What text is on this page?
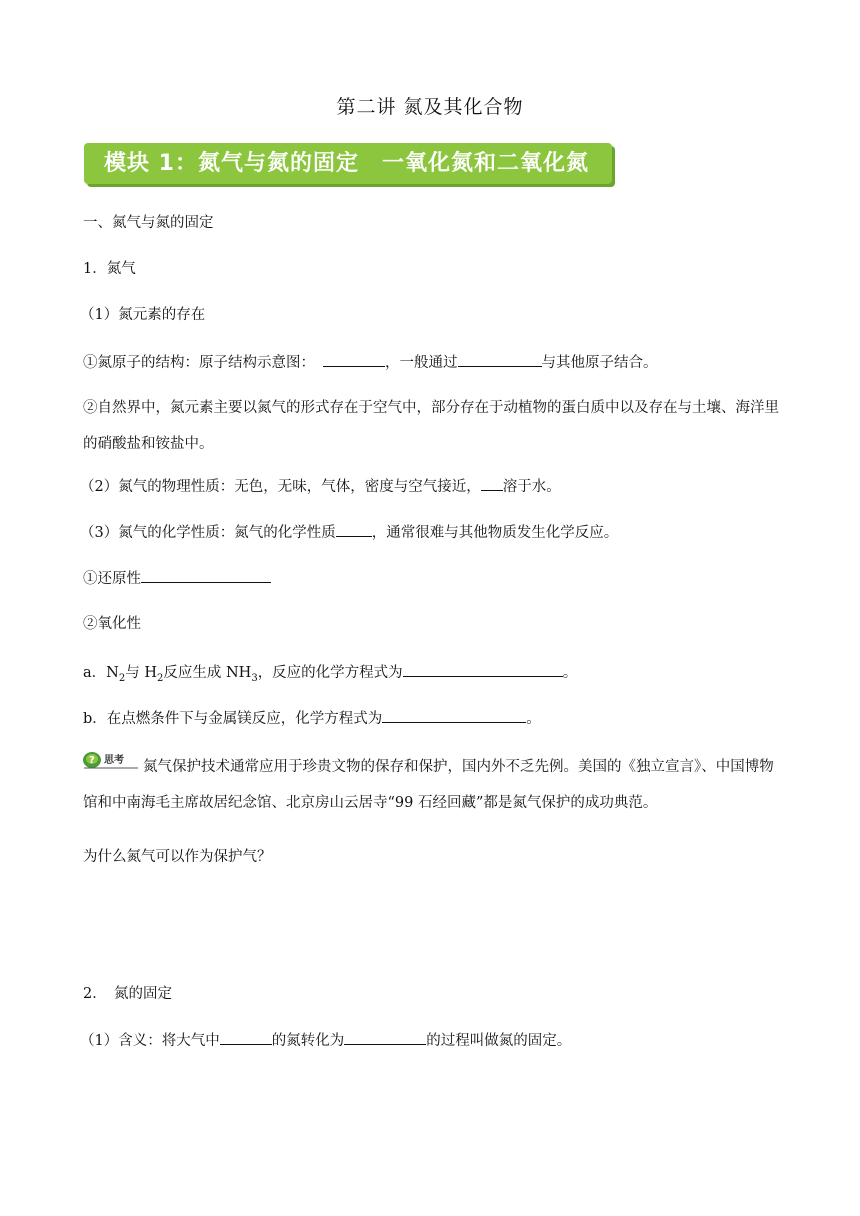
第二讲 氮及其化合物
模块 1：氮气与氮的固定　一氧化氮和二氧化氮
一、氮气与氮的固定
1．氮气
（1）氮元素的存在
①氮原子的结构：原子结构示意图：	，一般通过	与其他原子结合。
②自然界中，氮元素主要以氮气的形式存在于空气中，部分存在于动植物的蛋白质中以及存在与土壤、海洋里的硝酸盐和铵盐中。
（2）氮气的物理性质：无色，无味，气体，密度与空气接近， 溶于水。
（3）氮气的化学性质：氮气的化学性质 ，通常很难与其他物质发生化学反应。
①还原性
②氧化性
a．$N_2$与 $H_2$反应生成 $NH_3$，反应的化学方程式为	。
b．在点燃条件下与金属镁反应，化学方程式为	。
? 思考	氮气保护技术通常应用于珍贵文物的保存和保护，国内外不乏先例。美国的《独立宣言》、中国博物馆和中南海毛主席故居纪念馆、北京房山云居寺“99 石经回藏”都是氮气保护的成功典范。
为什么氮气可以作为保护气？
2．　氮的固定
（1）含义：将大气中	的氮转化为	的过程叫做氮的固定。
